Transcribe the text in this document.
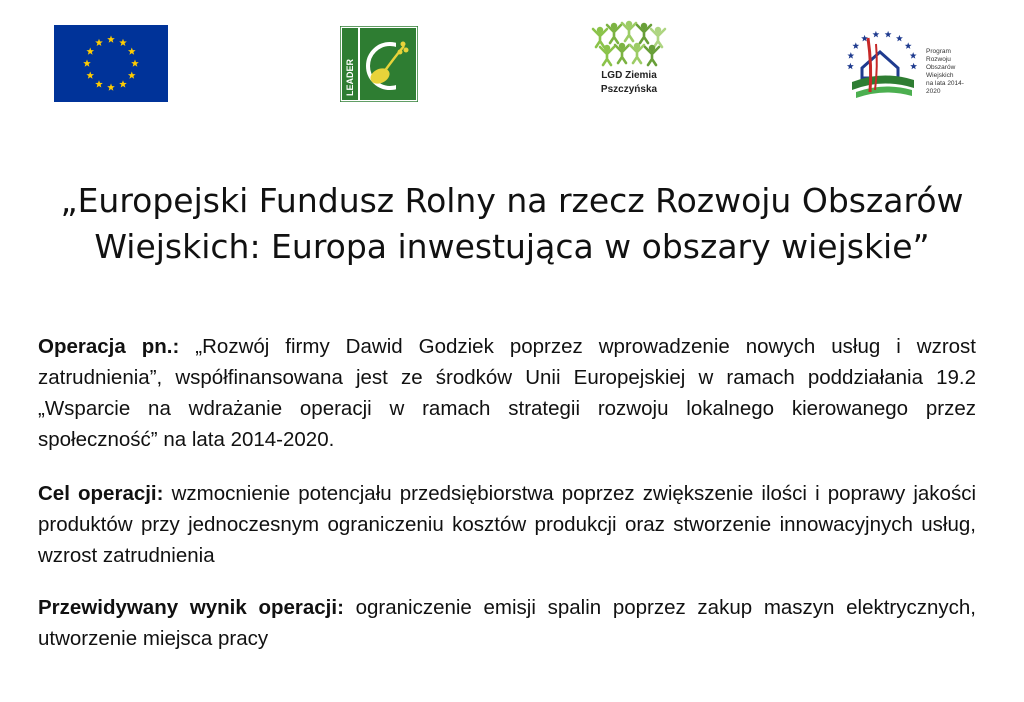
LEADER	LGD Ziemia
Pszczyńska
Program
Rozwoju
Obszarów
Wiejskich
na lata 2014-2020
„Europejski Fundusz Rolny na rzecz Rozwoju Obszarów Wiejskich: Europa inwestująca w obszary wiejskie”

Operacja pn.: „Rozwój firmy Dawid Godziek poprzez wprowadzenie nowych usług i wzrost zatrudnienia”, współfinansowana jest ze środków Unii Europejskiej w ramach poddziałania 19.2 „Wsparcie na wdrażanie operacji w ramach strategii rozwoju lokalnego kierowanego przez społeczność” na lata 2014-2020.

Cel operacji: wzmocnienie potencjału przedsiębiorstwa poprzez zwiększenie ilości i poprawy jakości produktów przy jednoczesnym ograniczeniu kosztów produkcji oraz stworzenie innowacyjnych usług, wzrost zatrudnienia

Przewidywany wynik operacji: ograniczenie emisji spalin poprzez zakup maszyn elektrycznych, utworzenie miejsca pracy
